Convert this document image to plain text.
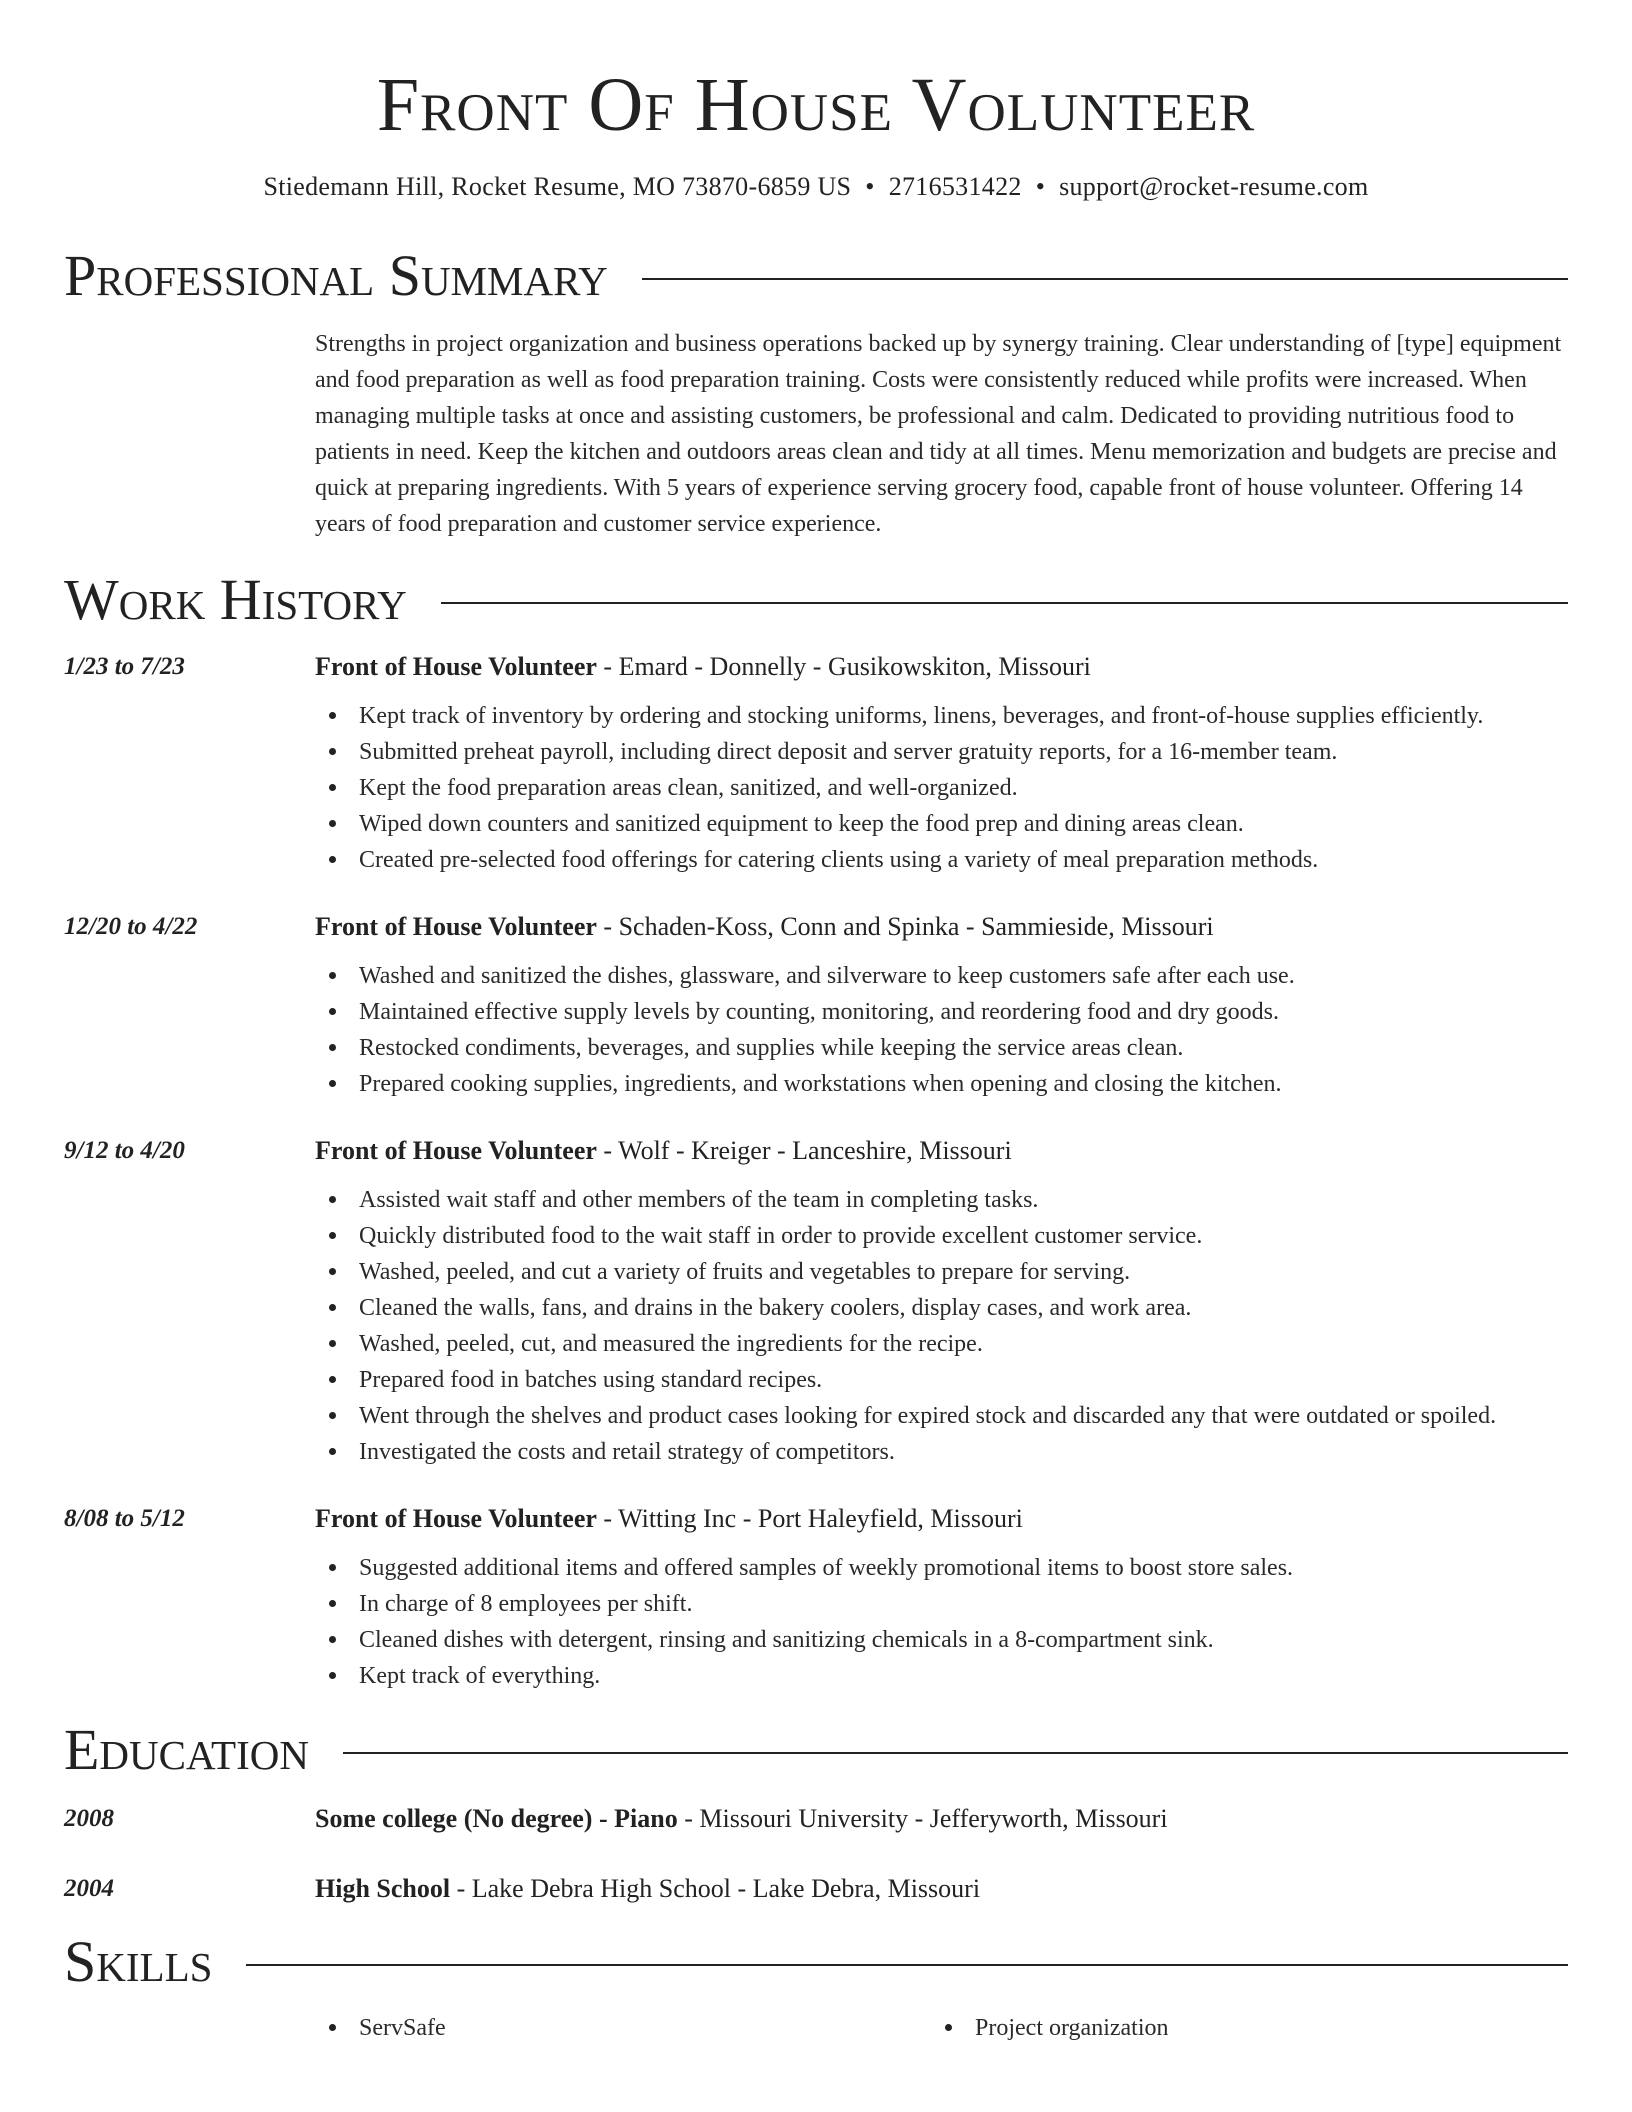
Front Of House Volunteer
Stiedemann Hill, Rocket Resume, MO 73870-6859 US • 2716531422 • support@rocket-resume.com
Professional Summary
Strengths in project organization and business operations backed up by synergy training. Clear understanding of [type] equipment and food preparation as well as food preparation training. Costs were consistently reduced while profits were increased. When managing multiple tasks at once and assisting customers, be professional and calm. Dedicated to providing nutritious food to patients in need. Keep the kitchen and outdoors areas clean and tidy at all times. Menu memorization and budgets are precise and quick at preparing ingredients. With 5 years of experience serving grocery food, capable front of house volunteer. Offering 14 years of food preparation and customer service experience.
Work History
1/23 to 7/23	Front of House Volunteer - Emard - Donnelly - Gusikowskiton, Missouri
Kept track of inventory by ordering and stocking uniforms, linens, beverages, and front-of-house supplies efficiently.
Submitted preheat payroll, including direct deposit and server gratuity reports, for a 16-member team.
Kept the food preparation areas clean, sanitized, and well-organized.
Wiped down counters and sanitized equipment to keep the food prep and dining areas clean.
Created pre-selected food offerings for catering clients using a variety of meal preparation methods.
12/20 to 4/22	Front of House Volunteer - Schaden-Koss, Conn and Spinka - Sammieside, Missouri
Washed and sanitized the dishes, glassware, and silverware to keep customers safe after each use.
Maintained effective supply levels by counting, monitoring, and reordering food and dry goods.
Restocked condiments, beverages, and supplies while keeping the service areas clean.
Prepared cooking supplies, ingredients, and workstations when opening and closing the kitchen.
9/12 to 4/20	Front of House Volunteer - Wolf - Kreiger - Lanceshire, Missouri
Assisted wait staff and other members of the team in completing tasks.
Quickly distributed food to the wait staff in order to provide excellent customer service.
Washed, peeled, and cut a variety of fruits and vegetables to prepare for serving.
Cleaned the walls, fans, and drains in the bakery coolers, display cases, and work area.
Washed, peeled, cut, and measured the ingredients for the recipe.
Prepared food in batches using standard recipes.
Went through the shelves and product cases looking for expired stock and discarded any that were outdated or spoiled.
Investigated the costs and retail strategy of competitors.
8/08 to 5/12	Front of House Volunteer - Witting Inc - Port Haleyfield, Missouri
Suggested additional items and offered samples of weekly promotional items to boost store sales.
In charge of 8 employees per shift.
Cleaned dishes with detergent, rinsing and sanitizing chemicals in a 8-compartment sink.
Kept track of everything.
Education
2008	Some college (No degree) - Piano - Missouri University - Jefferyworth, Missouri
2004	High School - Lake Debra High School - Lake Debra, Missouri
Skills
ServSafe	Project organization
